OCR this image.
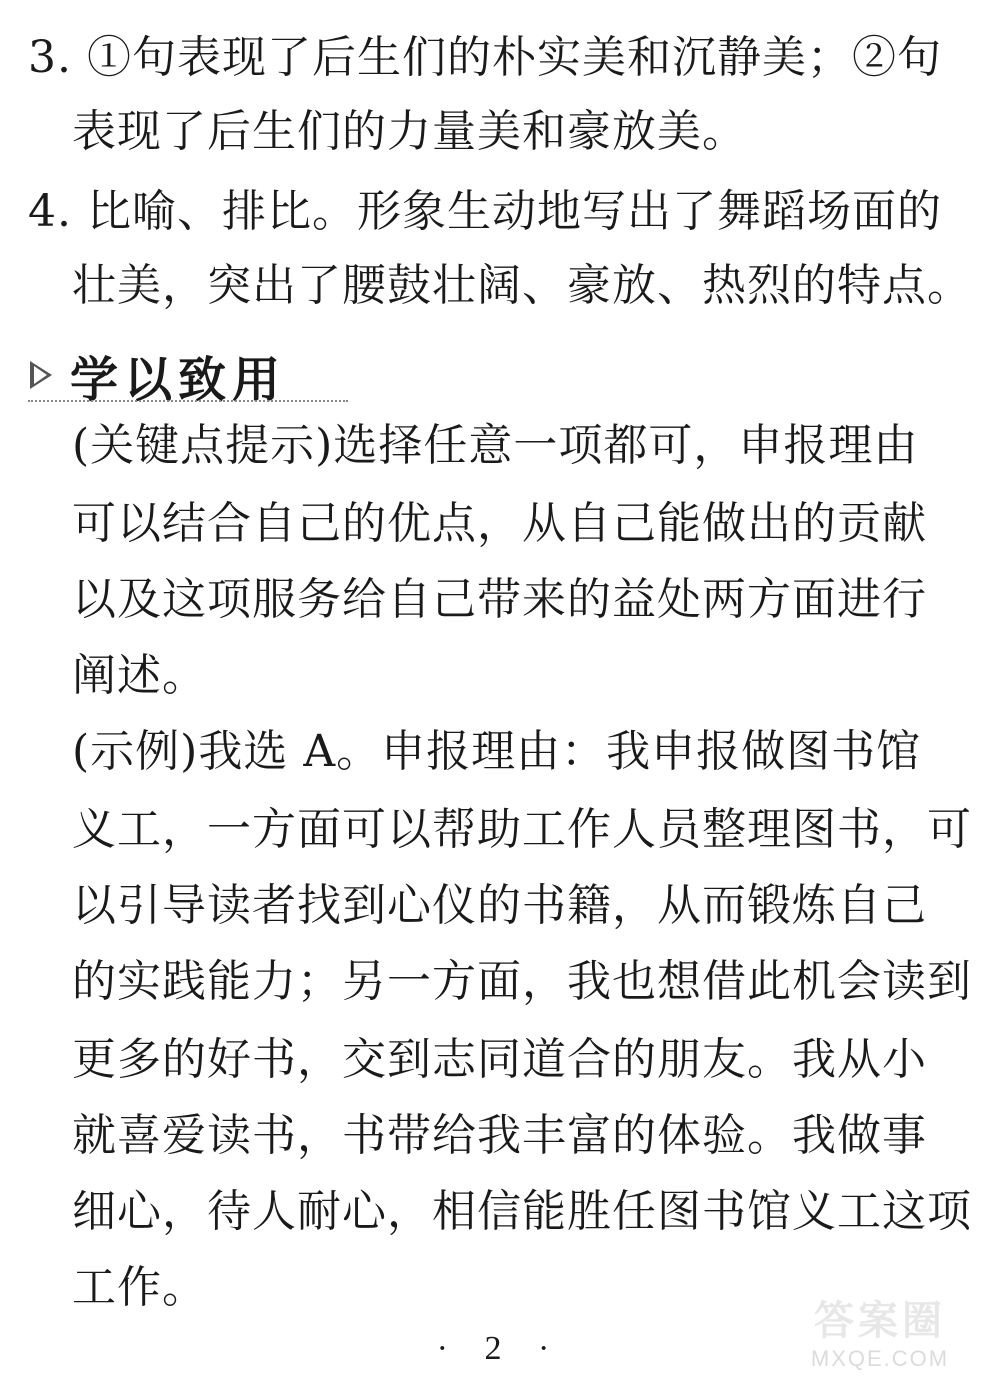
3. ①句表现了后生们的朴实美和沉静美；②句
表现了后生们的力量美和豪放美。
4. 比喻、排比。形象生动地写出了舞蹈场面的
壮美，突出了腰鼓壮阔、豪放、热烈的特点。
学以致用
(关键点提示)选择任意一项都可，申报理由
可以结合自己的优点，从自己能做出的贡献
以及这项服务给自己带来的益处两方面进行
阐述。
(示例)我选 A。申报理由：我申报做图书馆
义工，一方面可以帮助工作人员整理图书，可
以引导读者找到心仪的书籍，从而锻炼自己
的实践能力；另一方面，我也想借此机会读到
更多的好书，交到志同道合的朋友。我从小
就喜爱读书，书带给我丰富的体验。我做事
细心，待人耐心，相信能胜任图书馆义工这项
工作。
· 2 ·
答案圈
MXQE.COM
